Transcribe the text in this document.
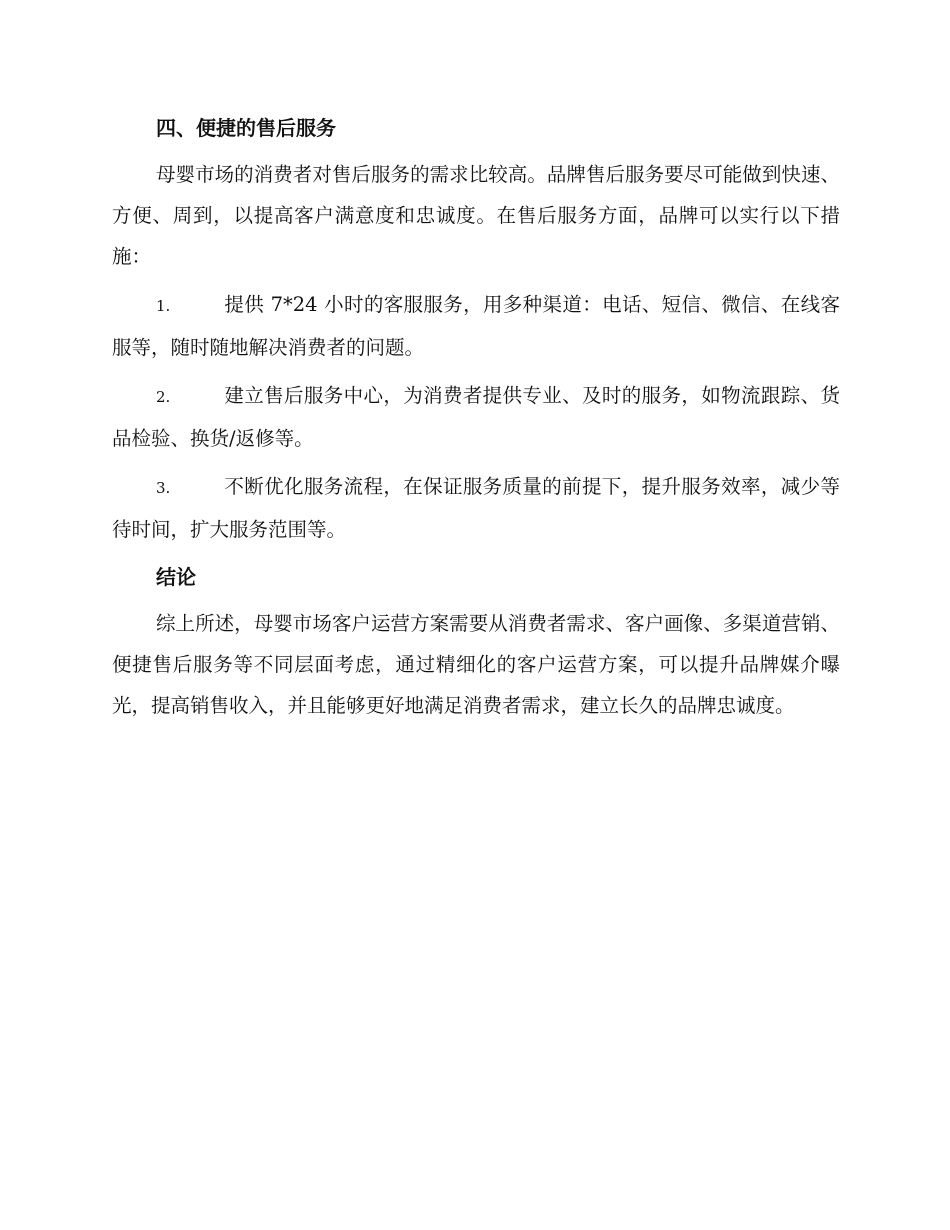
四、便捷的售后服务

母婴市场的消费者对售后服务的需求比较高。品牌售后服务要尽可能做到快速、方便、周到，以提高客户满意度和忠诚度。在售后服务方面，品牌可以实行以下措施：

1.	提供 7*24 小时的客服服务，用多种渠道：电话、短信、微信、在线客服等，随时随地解决消费者的问题。

2.	建立售后服务中心，为消费者提供专业、及时的服务，如物流跟踪、货品检验、换货/返修等。

3.	不断优化服务流程，在保证服务质量的前提下，提升服务效率，减少等待时间，扩大服务范围等。

结论

综上所述，母婴市场客户运营方案需要从消费者需求、客户画像、多渠道营销、便捷售后服务等不同层面考虑，通过精细化的客户运营方案，可以提升品牌媒介曝光，提高销售收入，并且能够更好地满足消费者需求，建立长久的品牌忠诚度。
